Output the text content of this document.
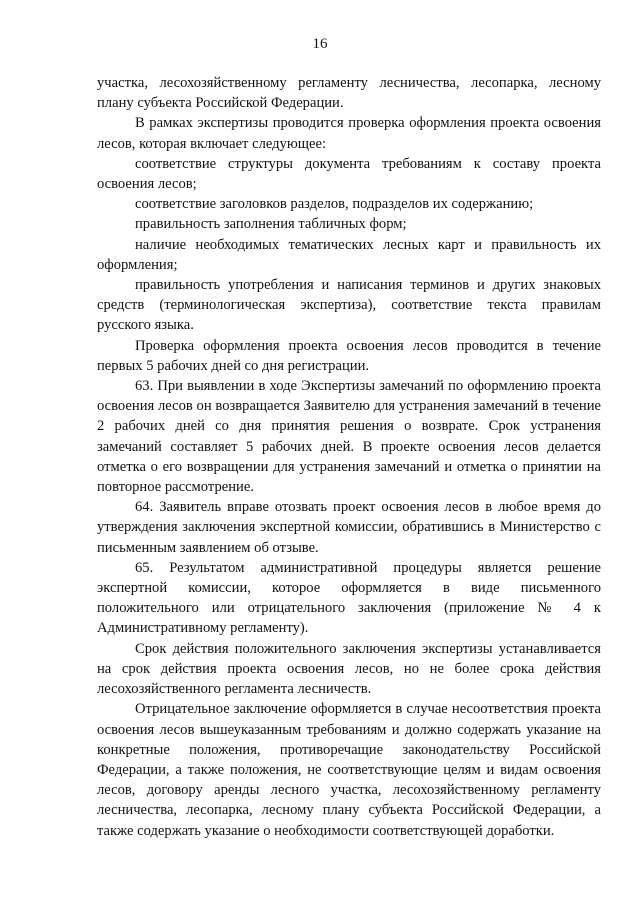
16

участка, лесохозяйственному регламенту лесничества, лесопарка, лесному плану субъекта Российской Федерации.

В рамках экспертизы проводится проверка оформления проекта освоения лесов, которая включает следующее:

соответствие структуры документа требованиям к составу проекта освоения лесов;

соответствие заголовков разделов, подразделов их содержанию;

правильность заполнения табличных форм;

наличие необходимых тематических лесных карт и правильность их оформления;

правильность употребления и написания терминов и других знаковых средств (терминологическая экспертиза), соответствие текста правилам русского языка.

Проверка оформления проекта освоения лесов проводится в течение первых 5 рабочих дней со дня регистрации.

63. При выявлении в ходе Экспертизы замечаний по оформлению проекта освоения лесов он возвращается Заявителю для устранения замечаний в течение 2 рабочих дней со дня принятия решения о возврате. Срок устранения замечаний составляет 5 рабочих дней. В проекте освоения лесов делается отметка о его возвращении для устранения замечаний и отметка о принятии на повторное рассмотрение.

64. Заявитель вправе отозвать проект освоения лесов в любое время до утверждения заключения экспертной комиссии, обратившись в Министерство с письменным заявлением об отзыве.

65. Результатом административной процедуры является решение экспертной комиссии, которое оформляется в виде письменного положительного или отрицательного заключения (приложение № 4 к Административному регламенту).

Срок действия положительного заключения экспертизы устанавливается на срок действия проекта освоения лесов, но не более срока действия лесохозяйственного регламента лесничеств.

Отрицательное заключение оформляется в случае несоответствия проекта освоения лесов вышеуказанным требованиям и должно содержать указание на конкретные положения, противоречащие законодательству Российской Федерации, а также положения, не соответствующие целям и видам освоения лесов, договору аренды лесного участка, лесохозяйственному регламенту лесничества, лесопарка, лесному плану субъекта Российской Федерации, а также содержать указание о необходимости соответствующей доработки.
